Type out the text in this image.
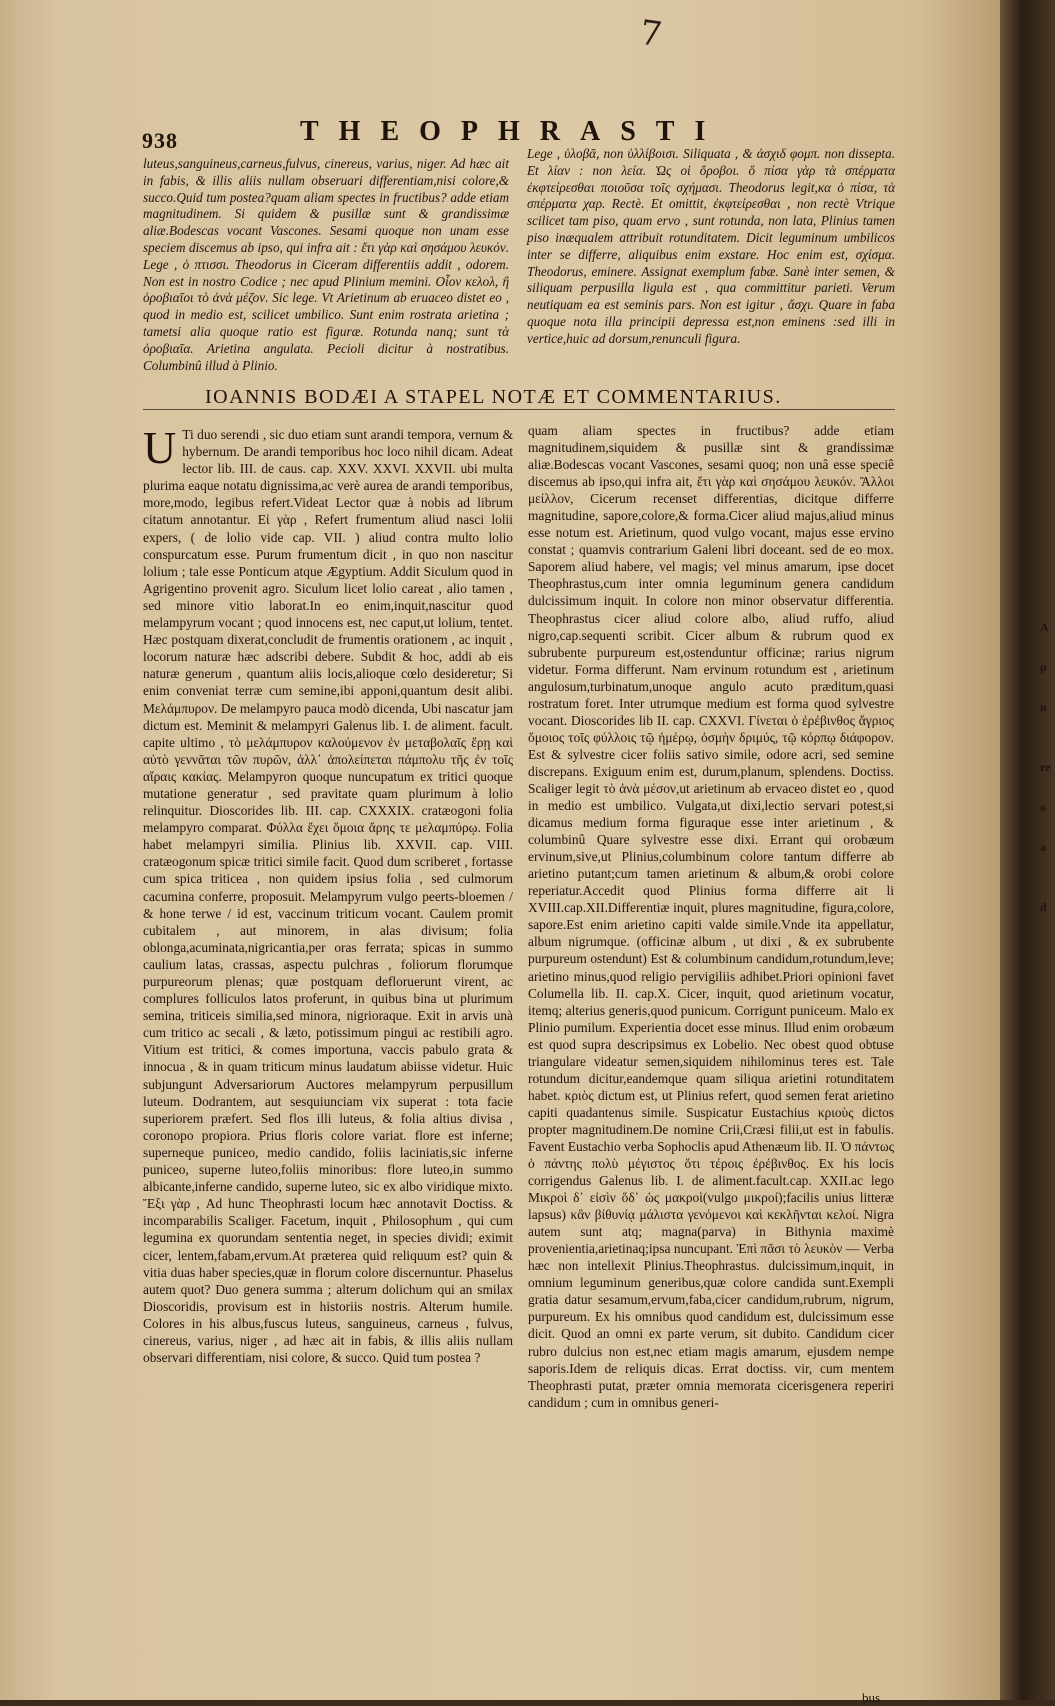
7
938	THEOPHRASTI

luteus,sanguineus,carneus,fulvus, cinereus, varius, niger. Ad hæc ait in fabis, & illis aliis nullam obseruari differentiam,nisi colore,& succo.Quid tum postea?quam aliam spectes in fructibus? adde etiam magnitudinem. Si quidem & pusillæ sunt & grandissimæ aliæ.Bodescas vocant Vascones. Sesami quoque non unam esse speciem discemus ab ipso, qui infra ait : ἔτι γὰρ καὶ σησάμου λευκόν. Lege , ὁ πτισσι. Theodorus in Ciceram differentiis addit , odorem. Non est in nostro Codice ; nec apud Plinium memini. Οἷον κελολ, ἢ ὀροβιαῖοι τὸ ἀνὰ μέζον. Sic lege. Vt Arietinum ab eruaceo distet eo , quod in medio est, scilicet umbilico. Sunt enim rostrata arietina ; tametsi alia quoque ratio est figuræ. Rotunda nanq; sunt τὰ ὀροβιαῖα. Arietina angulata. Pecioli dicitur à nostratibus. Columbinû illud à Plinio.

Lege , ὑλοβᾶ, non ὑλλίβοισι. Siliquata , & ἀσχιδ φομπ. non dissepta. Et λίαν : non λεία. Ὡς οἱ ὄροβοι. ὅ πίσα γὰρ τὰ σπέρματα ἐκφτείρεσθαι ποιοῦσα τοῖς σχήμασι. Theodorus legit,κα ὁ πίσα, τὰ σπέρματα χαρ. Rectè. Et omittit, ἐκφτείρεσθαι , non rectè Vtrique scilicet tam piso, quam ervo , sunt rotunda, non lata, Plinius tamen piso inæqualem attribuit rotunditatem. Dicit leguminum umbilicos inter se differre, aliquibus enim exstare. Hoc enim est, σχίσμα. Theodorus, eminere. Assignat exemplum fabæ. Sanè inter semen, & siliquam perpusilla ligula est , qua committitur parieti. Verum neutiquam ea est seminis pars. Non est igitur , ἄσχι. Quare in faba quoque nota illa principii depressa est,non eminens :sed illi in vertice,huic ad dorsum,renunculi figura.

IOANNIS BODÆI A STAPEL NOTÆ ET COMMENTARIUS.

U Ti duo serendi , sic duo etiam sunt arandi tempora, vernum & hybernum. De arandi temporibus hoc loco nihil dicam. Adeat lector lib. III. de caus. cap. XXV. XXVI. XXVII. ubi multa plurima eaque notatu dignissima,ac verè aurea de arandi temporibus, more,modo, legibus refert.Videat Lector quæ à nobis ad librum citatum annotantur. Εἰ γὰρ , Refert frumentum aliud nasci lolii expers, ( de lolio vide cap. VII. ) aliud contra multo lolio conspurcatum esse. Purum frumentum dicit , in quo non nascitur lolium ; tale esse Ponticum atque Ægyptium. Addit Siculum quod in Agrigentino provenit agro. Siculum licet lolio careat , alio tamen , sed minore vitio laborat.In eo enim,inquit,nascitur quod melampyrum vocant ; quod innocens est, nec caput,ut lolium, tentet. Hæc postquam dixerat,concludit de frumentis orationem , ac inquit , locorum naturæ hæc adscribi debere. Subdit & hoc, addi ab eis naturæ generum , quantum aliis locis,alioque cœlo desideretur; Si enim conveniat terræ cum semine,ibi apponi,quantum desit alibi. Μελάμπυρον. De melampyro pauca modò dicenda, Ubi nascatur jam dictum est. Meminit & melampyri Galenus lib. I. de aliment. facult. capite ultimo , τὸ μελάμπυρον καλούμενον ἐν μεταβολαῖς ἔρῃ καὶ αὐτὸ γεννᾶται τῶν πυρῶν, ἀλλ᾽ ἀπολείπεται πάμπολυ τῆς ἐν τοῖς αἴραις κακίας. Melampyron quoque nuncupatum ex tritici quoque mutatione generatur , sed pravitate quam plurimum à lolio relinquitur. Dioscorides lib. III. cap. CXXXIX. cratæogoni folia melampyro comparat. Φύλλα ἔχει ὅμοια ἄρης τε μελαμπύρῳ. Folia habet melampyri similia. Plinius lib. XXVII. cap. VIII. cratæogonum spicæ tritici simile facit. Quod dum scriberet , fortasse cum spica triticea , non quidem ipsius folia , sed culmorum cacumina conferre, proposuit. Melampyrum vulgo peerts-bloemen / & hone terwe / id est, vaccinum triticum vocant. Caulem promit cubitalem , aut minorem, in alas divisum; folia oblonga,acuminata,nigricantia,per oras ferrata; spicas in summo caulium latas, crassas, aspectu pulchras , foliorum florumque purpureorum plenas; quæ postquam defloruerunt virent, ac complures folliculos latos proferunt, in quibus bina ut plurimum semina, triticeis similia,sed minora, nigrioraque. Exit in arvis unà cum tritico ac secali , & læto, potissimum pingui ac restibili agro. Vitium est tritici, & comes importuna, vaccis pabulo grata & innocua , & in quam triticum minus laudatum abiisse videtur. Huic subjungunt Adversariorum Auctores melampyrum perpusillum luteum. Dodrantem, aut sesquiunciam vix superat : tota facie superiorem præfert. Sed flos illi luteus, & folia altius divisa , coronopo propiora. Prius floris colore variat. flore est inferne; superneque puniceo, medio candido, foliis laciniatis,sic inferne puniceo, superne luteo,foliis minoribus: flore luteo,in summo albicante,inferne candido, superne luteo, sic ex albo viridique mixto. Ἔξι γὰρ , Ad hunc Theophrasti locum hæc annotavit Doctiss. & incomparabilis Scaliger. Facetum, inquit , Philosophum , qui cum legumina ex quorundam sententia neget, in species dividi; eximit cicer, lentem,fabam,ervum.At præterea quid reliquum est? quin & vitia duas haber species,quæ in florum colore discernuntur. Phaselus autem quot? Duo genera summa ; alterum dolichum qui an smilax Dioscoridis, provisum est in historiis nostris. Alterum humile. Colores in his albus,fuscus luteus, sanguineus, carneus , fulvus, cinereus, varius, niger , ad hæc ait in fabis, & illis aliis nullam observari differentiam, nisi colore, & succo. Quid tum postea ?

quam aliam spectes in fructibus? adde etiam magnitudinem,siquidem & pusillæ sint & grandissimæ aliæ.Bodescas vocant Vascones, sesami quoq; non unâ esse speciê discemus ab ipso,qui infra ait, ἔτι γὰρ καὶ σησάμου λευκόν. Ἄλλοι μείλλον, Cicerum recenset differentias, dicitque differre magnitudine, sapore,colore,& forma.Cicer aliud majus,aliud minus esse notum est. Arietinum, quod vulgo vocant, majus esse ervino constat ; quamvis contrarium Galeni libri doceant. sed de eo mox. Saporem aliud habere, vel magis; vel minus amarum, ipse docet Theophrastus,cum inter omnia leguminum genera candidum dulcissimum inquit. In colore non minor observatur differentia. Theophrastus cicer aliud colore albo, aliud ruffo, aliud nigro,cap.sequenti scribit. Cicer album & rubrum quod ex subrubente purpureum est,ostenduntur officinæ; rarius nigrum videtur. Forma differunt. Nam ervinum rotundum est , arietinum angulosum,turbinatum,unoque angulo acuto præditum,quasi rostratum foret. Inter utrumque medium est forma quod sylvestre vocant. Dioscorides lib II. cap. CXXVI. Γίνεται ὁ ἐρέβινθος ἄγριος ὅμοιος τοῖς φύλλοις τῷ ἡμέρῳ, ὀσμὴν δριμύς, τῷ κόρπῳ διάφορον. Est & sylvestre cicer foliis sativo simile, odore acri, sed semine discrepans. Exiguum enim est, durum,planum, splendens. Doctiss. Scaliger legit τὸ ἀνὰ μέσον,ut arietinum ab ervaceo distet eo , quod in medio est umbilico. Vulgata,ut dixi,lectio servari potest,si dicamus medium forma figuraque esse inter arietinum , & columbinû Quare sylvestre esse dixi. Errant qui orobæum ervinum,sive,ut Plinius,columbinum colore tantum differre ab arietino putant;cum tamen arietinum & album,& orobi colore reperiatur.Accedit quod Plinius forma differre ait li XVIII.cap.XII.Differentiæ inquit, plures magnitudine, figura,colore, sapore.Est enim arietino capiti valde simile.Vnde ita appellatur, album nigrumque. (officinæ album , ut dixi , & ex subrubente purpureum ostendunt) Est & columbinum candidum,rotundum,leve; arietino minus,quod religio pervigiliis adhibet.Priori opinioni favet Columella lib. II. cap.X. Cicer, inquit, quod arietinum vocatur, itemq; alterius generis,quod punicum. Corrigunt puniceum. Malo ex Plinio pumilum. Experientia docet esse minus. Illud enim orobæum est quod supra descripsimus ex Lobelio. Nec obest quod obtuse triangulare videatur semen,siquidem nihilominus teres est. Tale rotundum dicitur,eandemque quam siliqua arietini rotunditatem habet. κριὸς dictum est, ut Plinius refert, quod semen ferat arietino capiti quadantenus simile. Suspicatur Eustachius κριοὺς dictos propter magnitudinem.De nomine Crii,Cræsi filii,ut est in fabulis. Favent Eustachio verba Sophoclis apud Athenæum lib. II. Ὁ πάντως ὁ πάντης πολὺ μέγιστος ὅτι τέροις ἐρέβινθος. Ex his locis corrigendus Galenus lib. I. de aliment.facult.cap. XXII.ac lego Μικροὶ δ᾽ εἰσὶν ὅδ᾽ ὡς μακροὶ(vulgo μικροί);facilis unius litteræ lapsus) κἂν βίθυνίᾳ μάλιστα γενόμενοι καὶ κεκλῆνται κελοί. Nigra autem sunt atq; magna(parva) in Bithynia maximè provenientia,arietinaq;ipsa nuncupant. Ἐπὶ πᾶσι τὸ λευκὸν — Verba hæc non intellexit Plinius.Theophrastus. dulcissimum,inquit, in omnium leguminum generibus,quæ colore candida sunt.Exempli gratia datur sesamum,ervum,faba,cicer candidum,rubrum, nigrum, purpureum. Ex his omnibus quod candidum est, dulcissimum esse dicit. Quod an omni ex parte verum, sit dubito. Candidum cicer rubro dulcius non est,nec etiam magis amarum, ejusdem nempe saporis.Idem de reliquis dicas. Errat doctiss. vir, cum mentem Theophrasti putat, præter omnia memorata cicerisgenera reperiri candidum ; cum in omnibus generi-

bus
A
p
n
re
o
a
d
